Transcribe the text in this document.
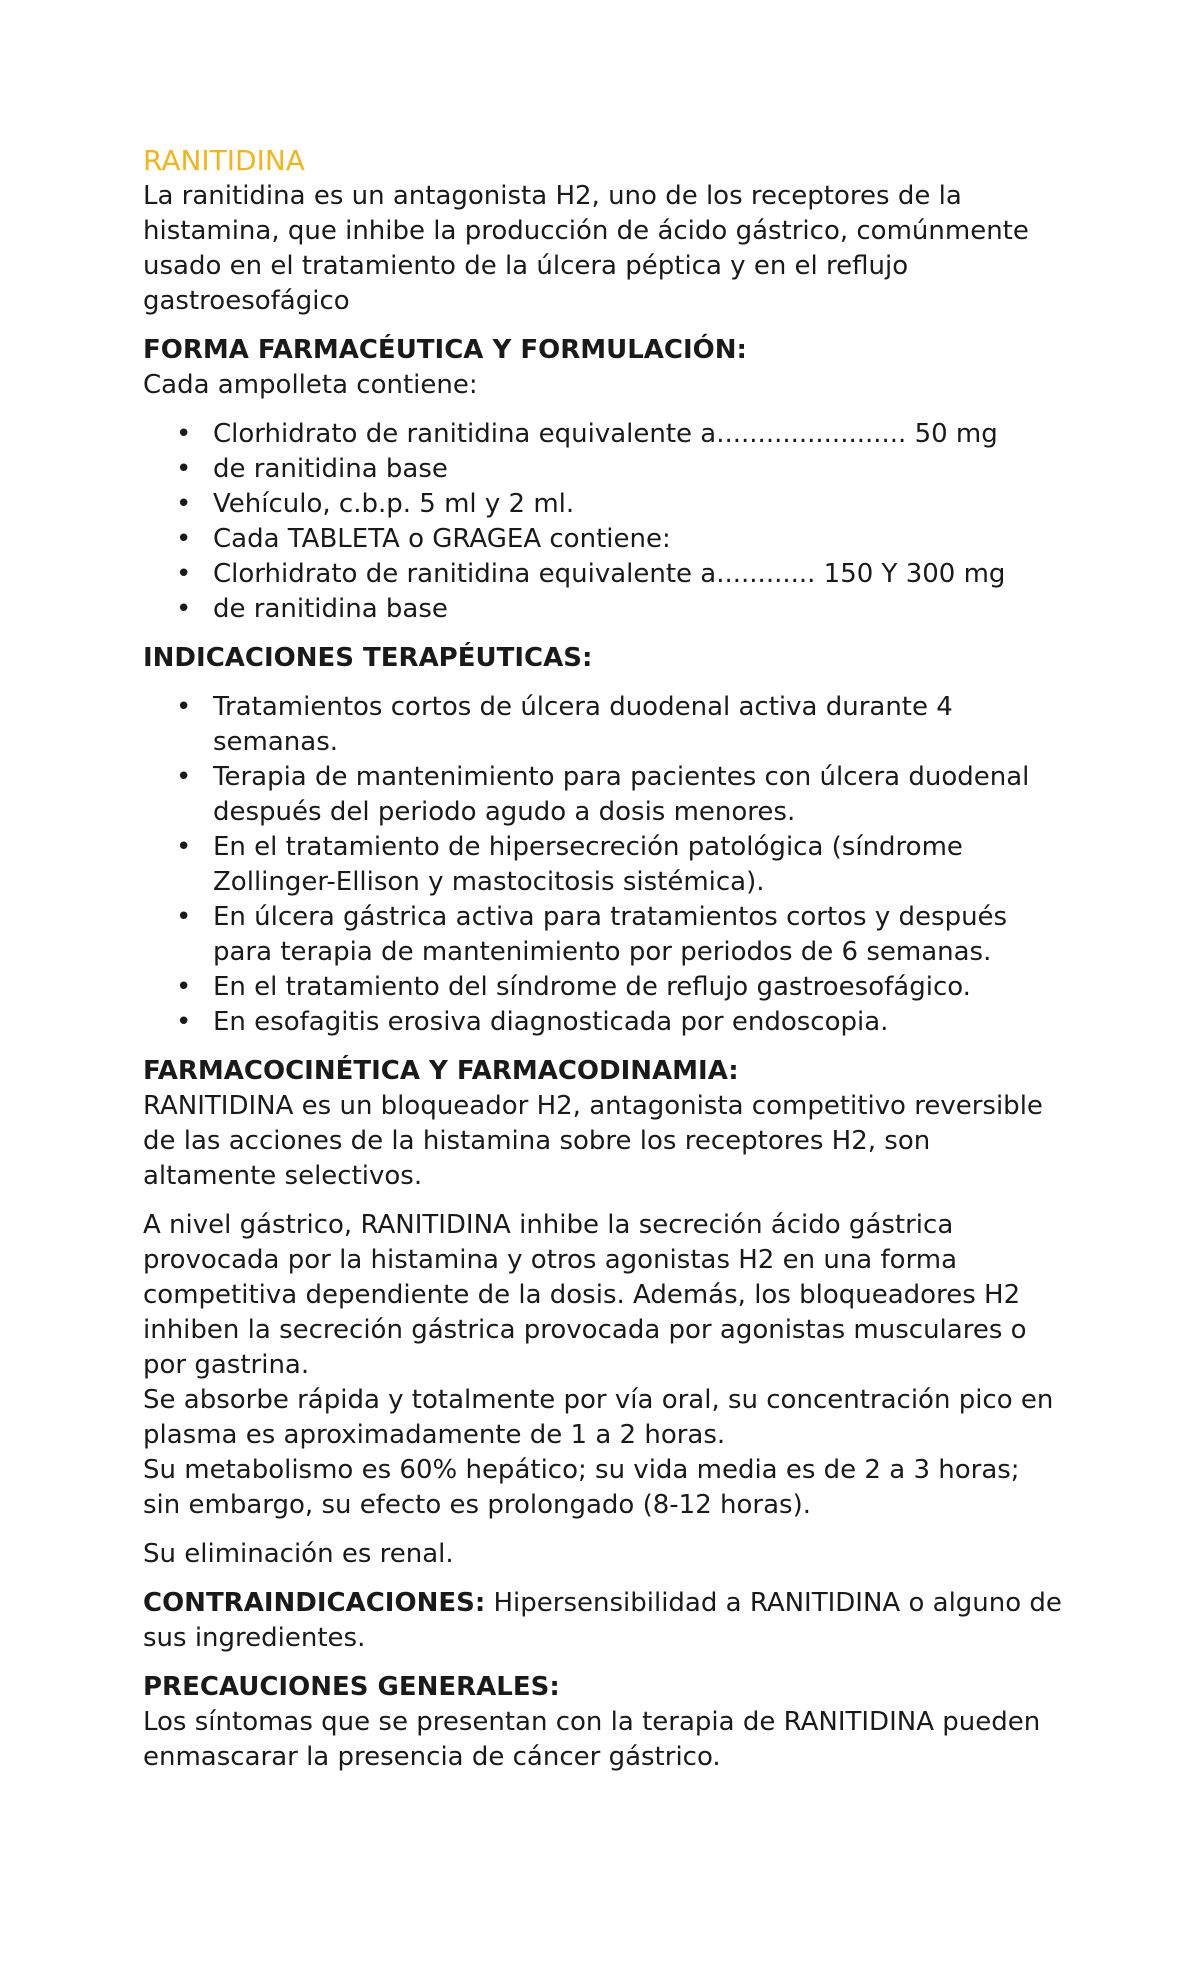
RANITIDINA

La ranitidina es un antagonista H2, uno de los receptores de la histamina, que inhibe la producción de ácido gástrico, comúnmente usado en el tratamiento de la úlcera péptica y en el reflujo gastroesofágico

FORMA FARMACÉUTICA Y FORMULACIÓN:

Cada ampolleta contiene:

• Clorhidrato de ranitidina equivalente a....................... 50 mg
• de ranitidina base
• Vehículo, c.b.p. 5 ml y 2 ml.
• Cada TABLETA o GRAGEA contiene:
• Clorhidrato de ranitidina equivalente a............ 150 Y 300 mg
• de ranitidina base

INDICACIONES TERAPÉUTICAS:

• Tratamientos cortos de úlcera duodenal activa durante 4 semanas.
• Terapia de mantenimiento para pacientes con úlcera duodenal después del periodo agudo a dosis menores.
• En el tratamiento de hipersecreción patológica (síndrome Zollinger-Ellison y mastocitosis sistémica).
• En úlcera gástrica activa para tratamientos cortos y después para terapia de mantenimiento por periodos de 6 semanas.
• En el tratamiento del síndrome de reflujo gastroesofágico.
• En esofagitis erosiva diagnosticada por endoscopia.

FARMACOCINÉTICA Y FARMACODINAMIA:

RANITIDINA es un bloqueador H2, antagonista competitivo reversible de las acciones de la histamina sobre los receptores H2, son altamente selectivos.

A nivel gástrico, RANITIDINA inhibe la secreción ácido gástrica provocada por la histamina y otros agonistas H2 en una forma competitiva dependiente de la dosis. Además, los bloqueadores H2 inhiben la secreción gástrica provocada por agonistas musculares o por gastrina.

Se absorbe rápida y totalmente por vía oral, su concentración pico en plasma es aproximadamente de 1 a 2 horas.

Su metabolismo es 60% hepático; su vida media es de 2 a 3 horas; sin embargo, su efecto es prolongado (8-12 horas).

Su eliminación es renal.

CONTRAINDICACIONES: Hipersensibilidad a RANITIDINA o alguno de sus ingredientes.

PRECAUCIONES GENERALES:

Los síntomas que se presentan con la terapia de RANITIDINA pueden enmascarar la presencia de cáncer gástrico.
